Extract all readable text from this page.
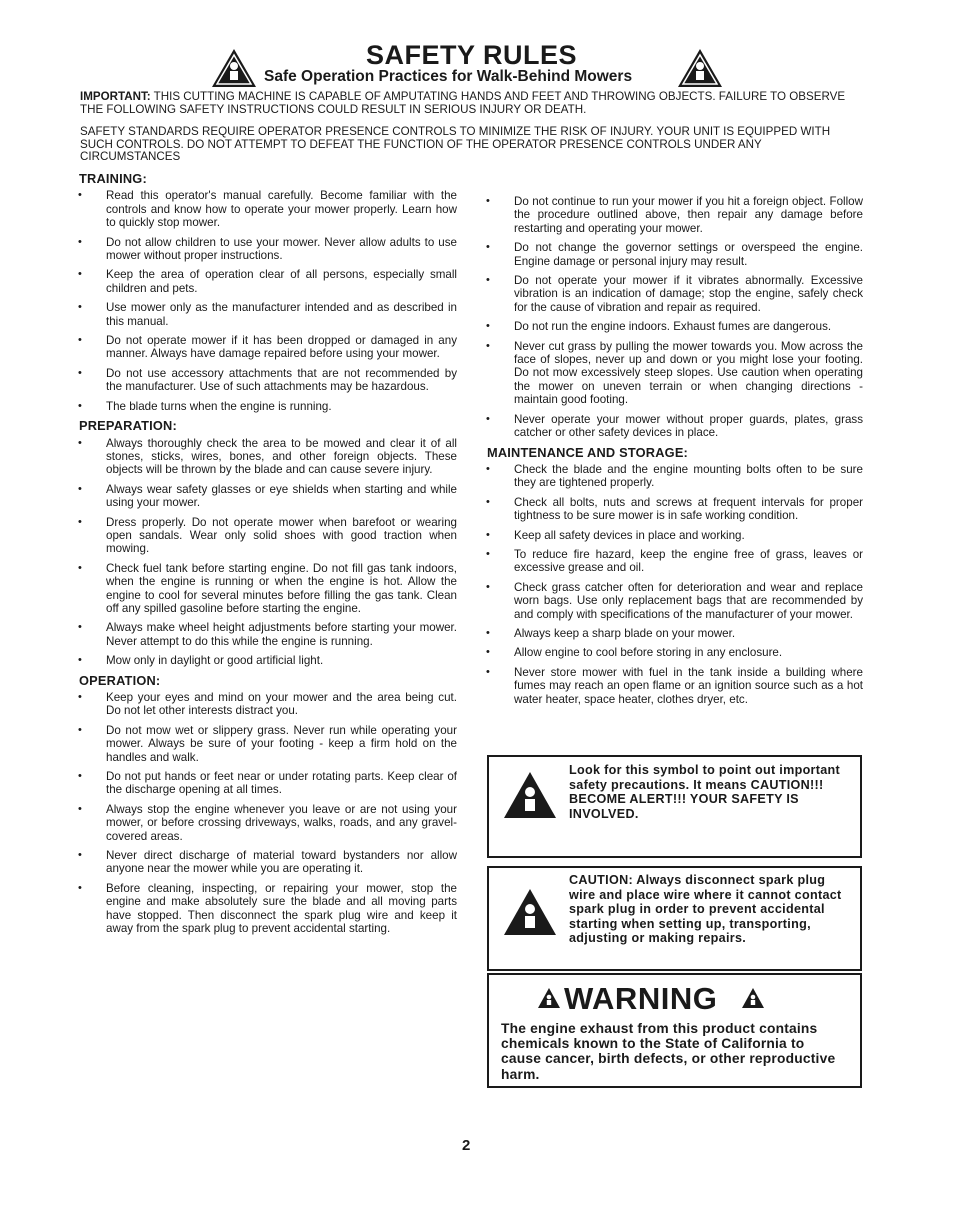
SAFETY RULES
Safe Operation Practices for Walk-Behind Mowers
IMPORTANT: THIS CUTTING MACHINE IS CAPABLE OF AMPUTATING HANDS AND FEET AND THROWING OBJECTS. FAILURE TO OBSERVE THE FOLLOWING SAFETY INSTRUCTIONS COULD RESULT IN SERIOUS INJURY OR DEATH.
SAFETY STANDARDS REQUIRE OPERATOR PRESENCE CONTROLS TO MINIMIZE THE RISK OF INJURY. YOUR UNIT IS EQUIPPED WITH SUCH CONTROLS. DO NOT ATTEMPT TO DEFEAT THE FUNCTION OF THE OPERATOR PRESENCE CONTROLS UNDER ANY CIRCUMSTANCES
TRAINING:
• Read this operator's manual carefully. Become familiar with the controls and know how to operate your mower properly. Learn how to quickly stop mower.
• Do not allow children to use your mower. Never allow adults to use mower without proper instructions.
• Keep the area of operation clear of all persons, especially small children and pets.
• Use mower only as the manufacturer intended and as described in this manual.
• Do not operate mower if it has been dropped or damaged in any manner. Always have damage repaired before using your mower.
• Do not use accessory attachments that are not recommended by the manufacturer. Use of such attachments may be hazardous.
• The blade turns when the engine is running.
PREPARATION:
• Always thoroughly check the area to be mowed and clear it of all stones, sticks, wires, bones, and other foreign objects. These objects will be thrown by the blade and can cause severe injury.
• Always wear safety glasses or eye shields when starting and while using your mower.
• Dress properly. Do not operate mower when barefoot or wearing open sandals. Wear only solid shoes with good traction when mowing.
• Check fuel tank before starting engine. Do not fill gas tank indoors, when the engine is running or when the engine is hot. Allow the engine to cool for several minutes before filling the gas tank. Clean off any spilled gasoline before starting the engine.
• Always make wheel height adjustments before starting your mower. Never attempt to do this while the engine is running.
• Mow only in daylight or good artificial light.
OPERATION:
• Keep your eyes and mind on your mower and the area being cut. Do not let other interests distract you.
• Do not mow wet or slippery grass. Never run while operating your mower. Always be sure of your footing - keep a firm hold on the handles and walk.
• Do not put hands or feet near or under rotating parts. Keep clear of the discharge opening at all times.
• Always stop the engine whenever you leave or are not using your mower, or before crossing driveways, walks, roads, and any gravel-covered areas.
• Never direct discharge of material toward bystanders nor allow anyone near the mower while you are operating it.
• Before cleaning, inspecting, or repairing your mower, stop the engine and make absolutely sure the blade and all moving parts have stopped. Then disconnect the spark plug wire and keep it away from the spark plug to prevent accidental starting.
• Do not continue to run your mower if you hit a foreign object. Follow the procedure outlined above, then repair any damage before restarting and operating your mower.
• Do not change the governor settings or overspeed the engine. Engine damage or personal injury may result.
• Do not operate your mower if it vibrates abnormally. Excessive vibration is an indication of damage; stop the engine, safely check for the cause of vibration and repair as required.
• Do not run the engine indoors. Exhaust fumes are dangerous.
• Never cut grass by pulling the mower towards you. Mow across the face of slopes, never up and down or you might lose your footing. Do not mow excessively steep slopes. Use caution when operating the mower on uneven terrain or when changing directions - maintain good footing.
• Never operate your mower without proper guards, plates, grass catcher or other safety devices in place.
MAINTENANCE AND STORAGE:
• Check the blade and the engine mounting bolts often to be sure they are tightened properly.
• Check all bolts, nuts and screws at frequent intervals for proper tightness to be sure mower is in safe working condition.
• Keep all safety devices in place and working.
• To reduce fire hazard, keep the engine free of grass, leaves or excessive grease and oil.
• Check grass catcher often for deterioration and wear and replace worn bags. Use only replacement bags that are recommended by and comply with specifications of the manufacturer of your mower.
• Always keep a sharp blade on your mower.
• Allow engine to cool before storing in any enclosure.
• Never store mower with fuel in the tank inside a building where fumes may reach an open flame or an ignition source such as a hot water heater, space heater, clothes dryer, etc.
Look for this symbol to point out important safety precautions. It means CAUTION!!! BECOME ALERT!!! YOUR SAFETY IS INVOLVED.
CAUTION: Always disconnect spark plug wire and place wire where it cannot contact spark plug in order to prevent accidental starting when setting up, transporting, adjusting or making repairs.
WARNING
The engine exhaust from this product contains chemicals known to the State of California to cause cancer, birth defects, or other reproductive harm.
2
